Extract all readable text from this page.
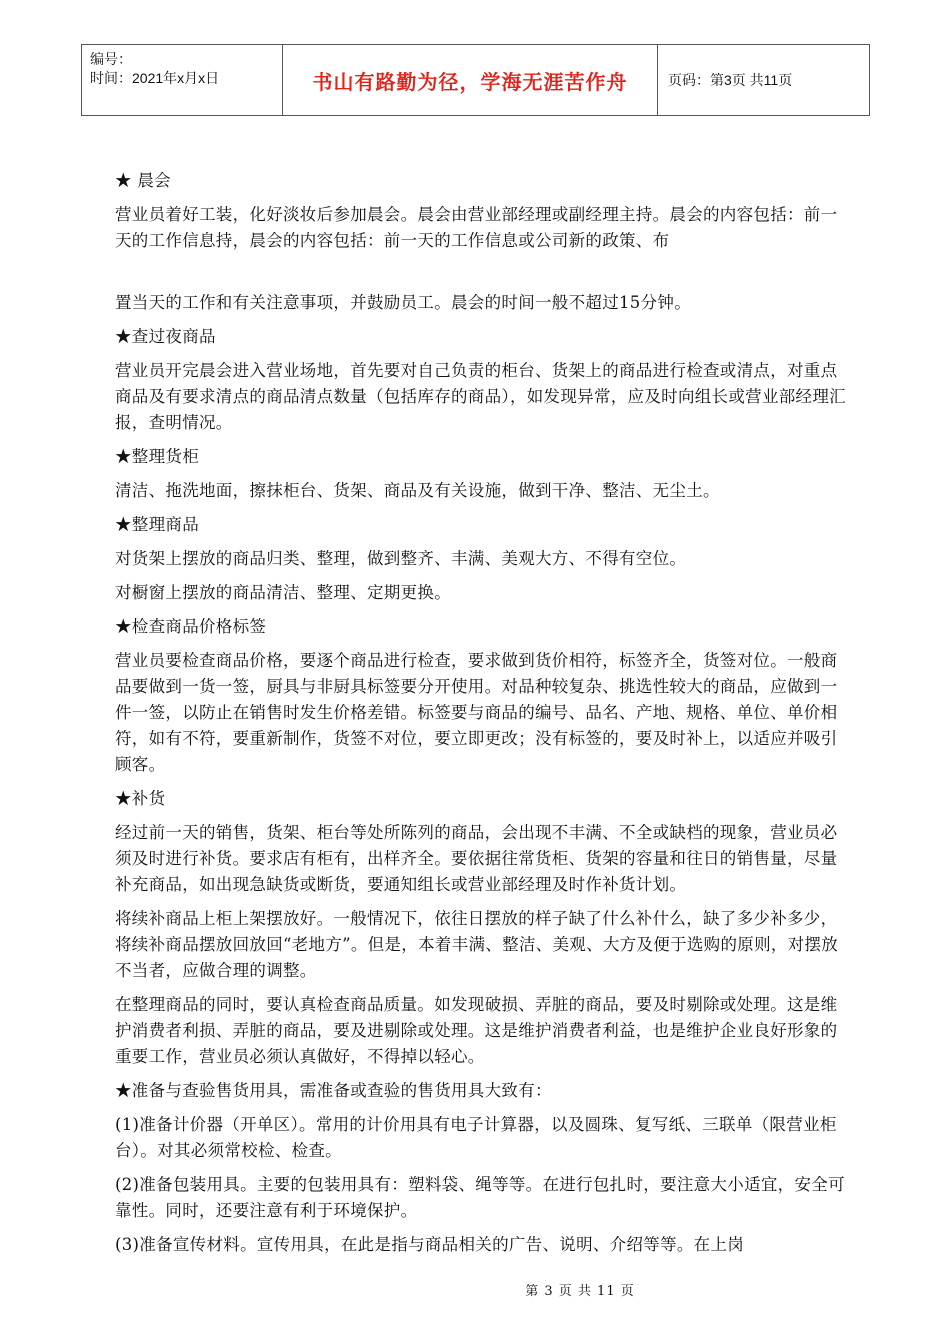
编号：
时间：2021年x月x日	书山有路勤为径，学海无涯苦作舟	页码：第3页 共11页

★ 晨会

营业员着好工装，化好淡妆后参加晨会。晨会由营业部经理或副经理主持。晨会的内容包括：前一天的工作信息持，晨会的内容包括：前一天的工作信息或公司新的政策、布

置当天的工作和有关注意事项，并鼓励员工。晨会的时间一般不超过15分钟。

★查过夜商品

营业员开完晨会进入营业场地，首先要对自己负责的柜台、货架上的商品进行检查或清点，对重点商品及有要求清点的商品清点数量（包括库存的商品），如发现异常，应及时向组长或营业部经理汇报，查明情况。

★整理货柜

清洁、拖洗地面，擦抹柜台、货架、商品及有关设施，做到干净、整洁、无尘土。

★整理商品

对货架上摆放的商品归类、整理，做到整齐、丰满、美观大方、不得有空位。

对橱窗上摆放的商品清洁、整理、定期更换。

★检查商品价格标签

营业员要检查商品价格，要逐个商品进行检查，要求做到货价相符，标签齐全，货签对位。一般商品要做到一货一签，厨具与非厨具标签要分开使用。对品种较复杂、挑选性较大的商品，应做到一件一签，以防止在销售时发生价格差错。标签要与商品的编号、品名、产地、规格、单位、单价相符，如有不符，要重新制作，货签不对位，要立即更改；没有标签的，要及时补上，以适应并吸引顾客。

★补货

经过前一天的销售，货架、柜台等处所陈列的商品，会出现不丰满、不全或缺档的现象，营业员必须及时进行补货。要求店有柜有，出样齐全。要依据往常货柜、货架的容量和往日的销售量，尽量补充商品，如出现急缺货或断货，要通知组长或营业部经理及时作补货计划。

将续补商品上柜上架摆放好。一般情况下，依往日摆放的样子缺了什么补什么，缺了多少补多少，将续补商品摆放回放回“老地方”。但是，本着丰满、整洁、美观、大方及便于选购的原则，对摆放不当者，应做合理的调整。

在整理商品的同时，要认真检查商品质量。如发现破损、弄脏的商品，要及时剔除或处理。这是维护消费者利损、弄脏的商品，要及进剔除或处理。这是维护消费者利益，也是维护企业良好形象的重要工作，营业员必须认真做好，不得掉以轻心。

★准备与查验售货用具，需准备或查验的售货用具大致有：

(1)准备计价器（开单区）。常用的计价用具有电子计算器，以及圆珠、复写纸、三联单（限营业柜台）。对其必须常校检、检查。

(2)准备包装用具。主要的包装用具有：塑料袋、绳等等。在进行包扎时，要注意大小适宜，安全可靠性。同时，还要注意有利于环境保护。

(3)准备宣传材料。宣传用具，在此是指与商品相关的广告、说明、介绍等等。在上岗

第 3 页 共 11 页
